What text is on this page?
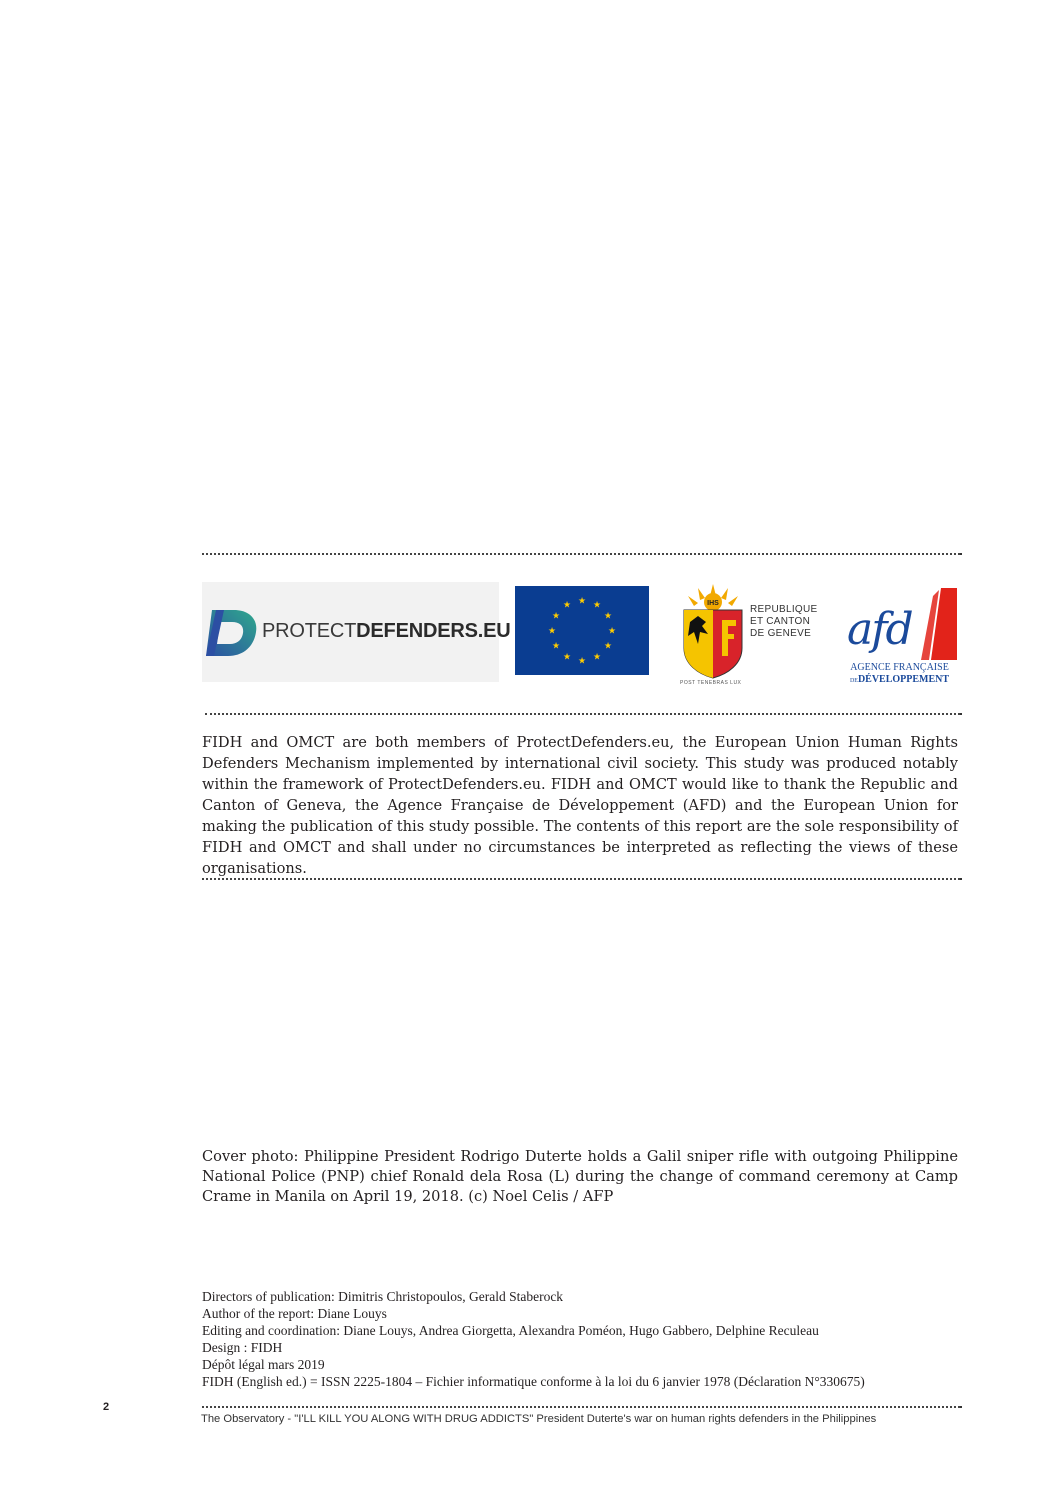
PROTECTDEFENDERS.EU
★ ★
★
★
★
★
★
★
★
★
★
★	IHS
REPUBLIQUE
ET CANTON
DE GENEVE
POST TENEBRAS LUX
afd
AGENCE FRANÇAISE
DEDÉVELOPPEMENT

FIDH and OMCT are both members of ProtectDefenders.eu, the European Union Human Rights Defenders Mechanism implemented by international civil society. This study was produced notably within the framework of ProtectDefenders.eu. FIDH and OMCT would like to thank the Republic and Canton of Geneva, the Agence Française de Développement (AFD) and the European Union for making the publication of this study possible. The contents of this report are the sole responsibility of FIDH and OMCT and shall under no circumstances be interpreted as reflecting the views of these organisations.

Cover photo: Philippine President Rodrigo Duterte holds a Galil sniper rifle with outgoing Philippine National Police (PNP) chief Ronald dela Rosa (L) during the change of command ceremony at Camp Crame in Manila on April 19, 2018. (c) Noel Celis / AFP

Directors of publication: Dimitris Christopoulos, Gerald Staberock
Author of the report: Diane Louys
Editing and coordination: Diane Louys, Andrea Giorgetta, Alexandra Poméon, Hugo Gabbero, Delphine Reculeau
Design : FIDH
Dépôt légal mars 2019
FIDH (English ed.) = ISSN 2225-1804 – Fichier informatique conforme à la loi du 6 janvier 1978 (Déclaration N°330675)
2
The Observatory - "I'LL KILL YOU ALONG WITH DRUG ADDICTS" President Duterte's war on human rights defenders in the Philippines
